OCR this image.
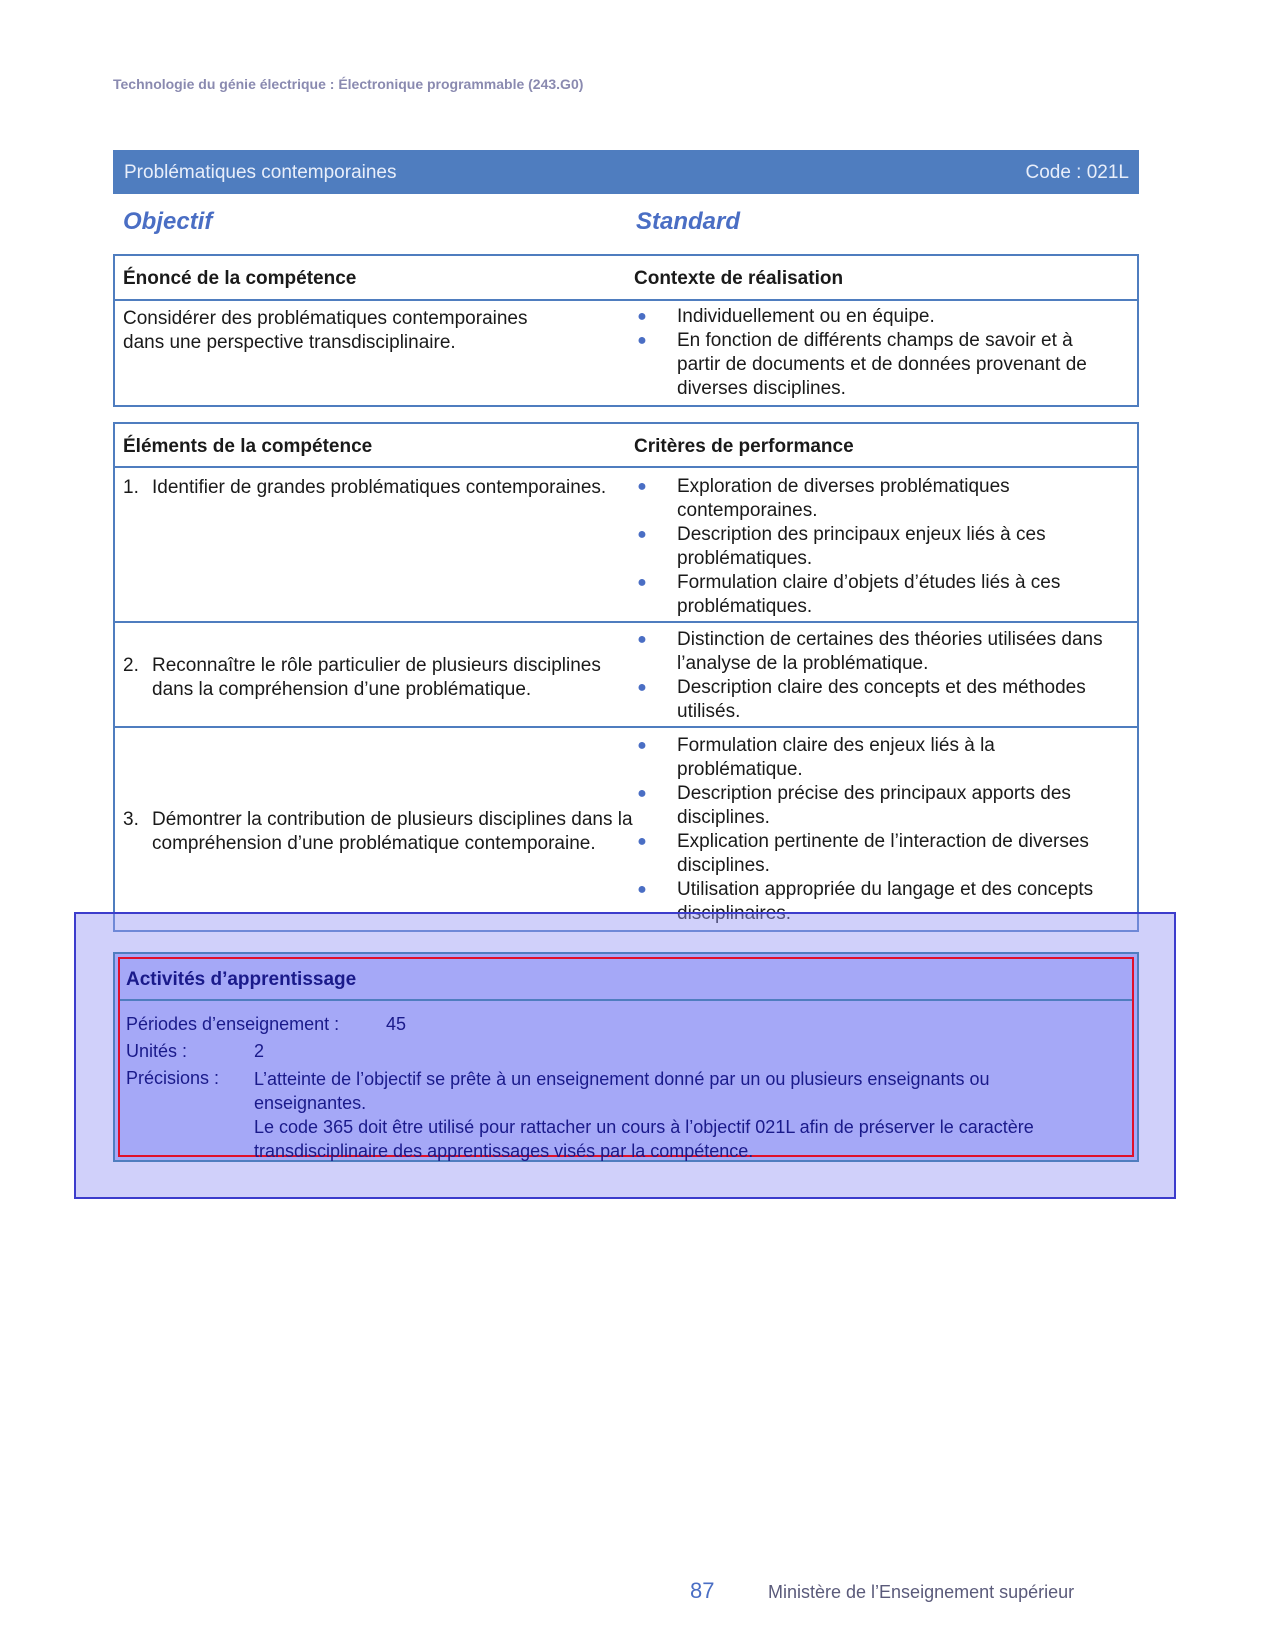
Technologie du génie électrique : Électronique programmable (243.G0)
Problématiques contemporaines	Code : 021L
Objectif	Standard
Énoncé de la compétence	Contexte de réalisation
Considérer des problématiques contemporaines
dans une perspective transdisciplinaire.
● Individuellement ou en équipe.
● En fonction de différents champs de savoir et à partir de documents et de données provenant de diverses disciplines.
Éléments de la compétence	Critères de performance
1. Identifier de grandes problématiques contemporaines.	● Exploration de diverses problématiques contemporaines.
● Description des principaux enjeux liés à ces problématiques.
● Formulation claire d’objets d’études liés à ces problématiques.
2. Reconnaître le rôle particulier de plusieurs disciplines dans la compréhension d’une problématique.
● Distinction de certaines des théories utilisées dans l’analyse de la problématique.
● Description claire des concepts et des méthodes utilisés.
3. Démontrer la contribution de plusieurs disciplines dans la compréhension d’une problématique contemporaine.
● Formulation claire des enjeux liés à la problématique.
● Description précise des principaux apports des disciplines.
● Explication pertinente de l’interaction de diverses disciplines.
● Utilisation appropriée du langage et des concepts disciplinaires.
Activités d’apprentissage
Périodes d’enseignement :	45
Unités :	2
Précisions : L’atteinte de l’objectif se prête à un enseignement donné par un ou plusieurs enseignants ou enseignantes.
Le code 365 doit être utilisé pour rattacher un cours à l’objectif 021L afin de préserver le caractère transdisciplinaire des apprentissages visés par la compétence.
87	Ministère de l’Enseignement supérieur
